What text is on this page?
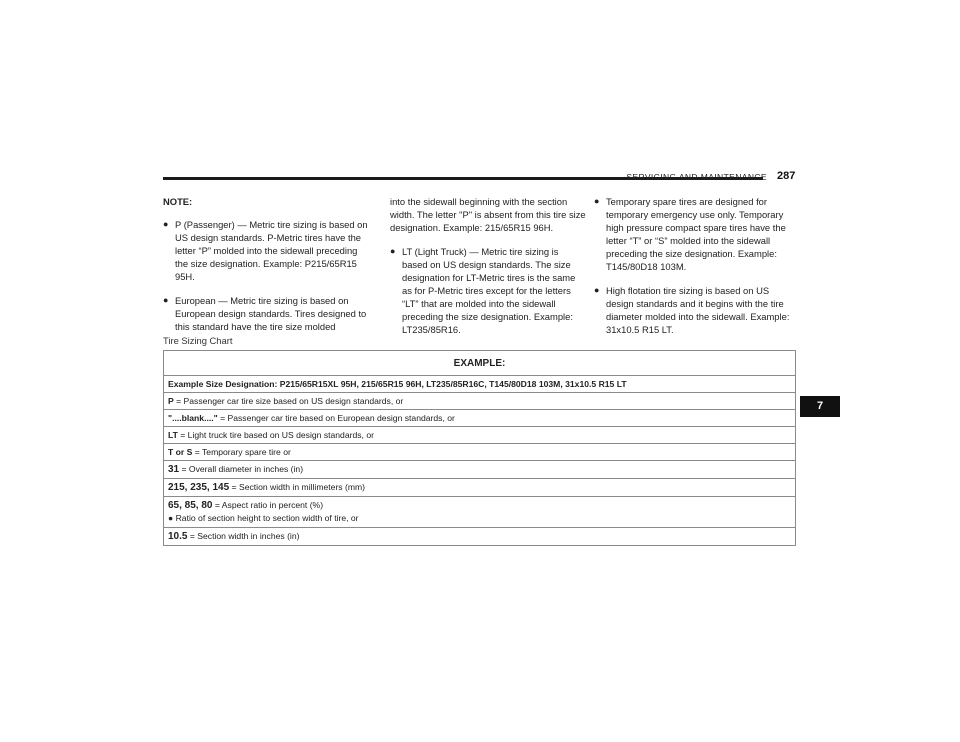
SERVICING AND MAINTENANCE 287

NOTE:

● P (Passenger) — Metric tire sizing is based on US design standards. P-Metric tires have the letter “P” molded into the sidewall preceding the size designation. Example: P215/65R15 95H.
● European — Metric tire sizing is based on European design standards. Tires designed to this standard have the tire size molded

into the sidewall beginning with the section width. The letter "P" is absent from this tire size designation. Example: 215/65R15 96H.

● LT (Light Truck) — Metric tire sizing is based on US design standards. The size designation for LT-Metric tires is the same as for P-Metric tires except for the letters “LT” that are molded into the sidewall preceding the size designation. Example: LT235/85R16.
● Temporary spare tires are designed for temporary emergency use only. Temporary high pressure compact spare tires have the letter “T” or “S” molded into the sidewall preceding the size designation. Example: T145/80D18 103M.
● High flotation tire sizing is based on US design standards and it begins with the tire diameter molded into the sidewall. Example: 31x10.5 R15 LT.
Tire Sizing Chart
EXAMPLE:
Example Size Designation: P215/65R15XL 95H, 215/65R15 96H, LT235/85R16C, T145/80D18 103M, 31x10.5 R15 LT
P = Passenger car tire size based on US design standards, or
"....blank...." = Passenger car tire based on European design standards, or
LT = Light truck tire based on US design standards, or
T or S = Temporary spare tire or
31 = Overall diameter in inches (in)
215, 235, 145 = Section width in millimeters (mm)

65, 85, 80 = Aspect ratio in percent (%)
● Ratio of section height to section width of tire, or

10.5 = Section width in inches (in)
7
